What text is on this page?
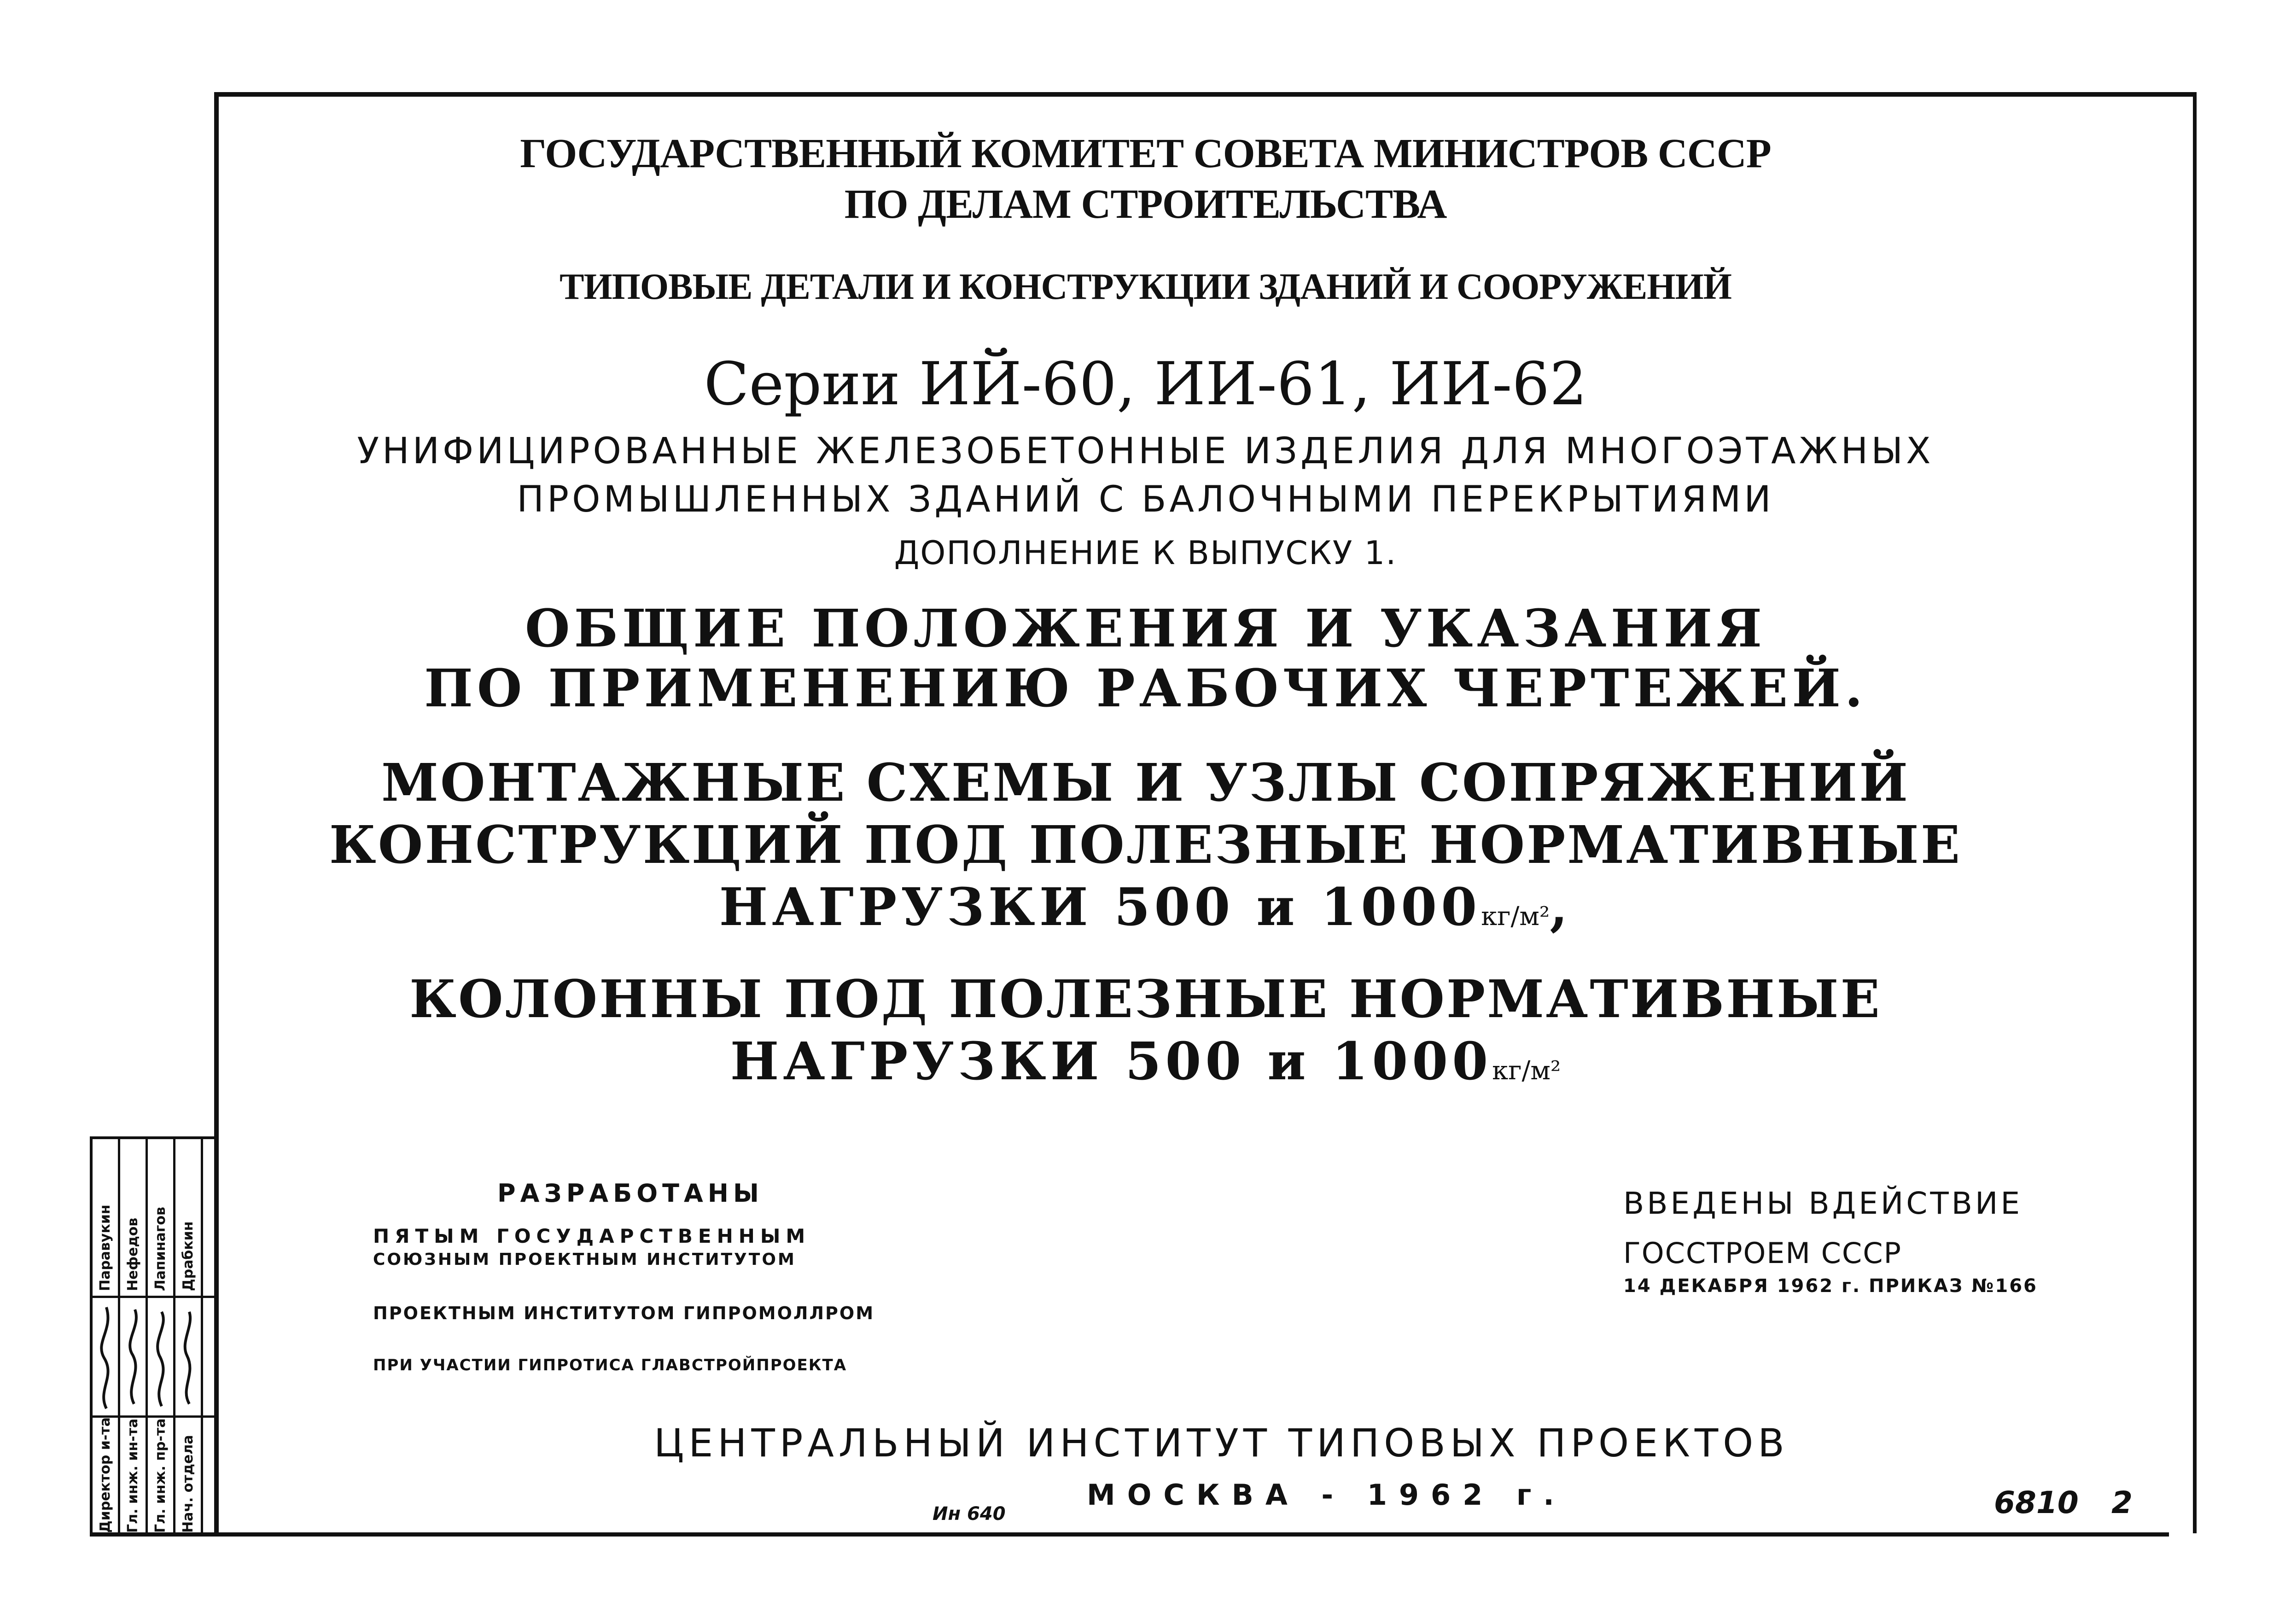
ГОСУДАРСТВЕННЫЙ КОМИТЕТ СОВЕТА МИНИСТРОВ СССР

ПО ДЕЛАМ СТРОИТЕЛЬСТВА

ТИПОВЫЕ ДЕТАЛИ И КОНСТРУКЦИИ ЗДАНИЙ И СООРУЖЕНИЙ

Серии ИЙ-60, ИИ-61, ИИ-62

УНИФИЦИРОВАННЫЕ ЖЕЛЕЗОБЕТОННЫЕ ИЗДЕЛИЯ ДЛЯ МНОГОЭТАЖНЫХ

ПРОМЫШЛЕННЫХ ЗДАНИЙ С БАЛОЧНЫМИ ПЕРЕКРЫТИЯМИ

ДОПОЛНЕНИЕ К ВЫПУСКУ 1.

ОБЩИЕ ПОЛОЖЕНИЯ И УКАЗАНИЯ

ПО ПРИМЕНЕНИЮ РАБОЧИХ ЧЕРТЕЖЕЙ.

МОНТАЖНЫЕ СХЕМЫ И УЗЛЫ СОПРЯЖЕНИЙ

КОНСТРУКЦИЙ ПОД ПОЛЕЗНЫЕ НОРМАТИВНЫЕ

НАГРУЗКИ 500 и 1000кг/м²,

КОЛОННЫ ПОД ПОЛЕЗНЫЕ НОРМАТИВНЫЕ

НАГРУЗКИ 500 и 1000кг/м²

РАЗРАБОТАНЫ

ПЯТЫМ ГОСУДАРСТВЕННЫМ

СОЮЗНЫМ ПРОЕКТНЫМ ИНСТИТУТОМ

ПРОЕКТНЫМ ИНСТИТУТОМ ГИПРОМОЛЛРОМ

ПРИ УЧАСТИИ ГИПРОТИСА ГЛАВСТРОЙПРОЕКТА

ВВЕДЕНЫ ВДЕЙСТВИЕ

ГОССТРОЕМ СССР

14 ДЕКАБРЯ 1962 г. ПРИКАЗ №166

ЦЕНТРАЛЬНЫЙ ИНСТИТУТ ТИПОВЫХ ПРОЕКТОВ

МОСКВА - 1962 г.

Ин 640	6810 2

Директор и-та Гл. инж. ин-та Гл. инж. пр-та Нач. отдела
Паравукин Нефедов Лапинагов Драбкин
